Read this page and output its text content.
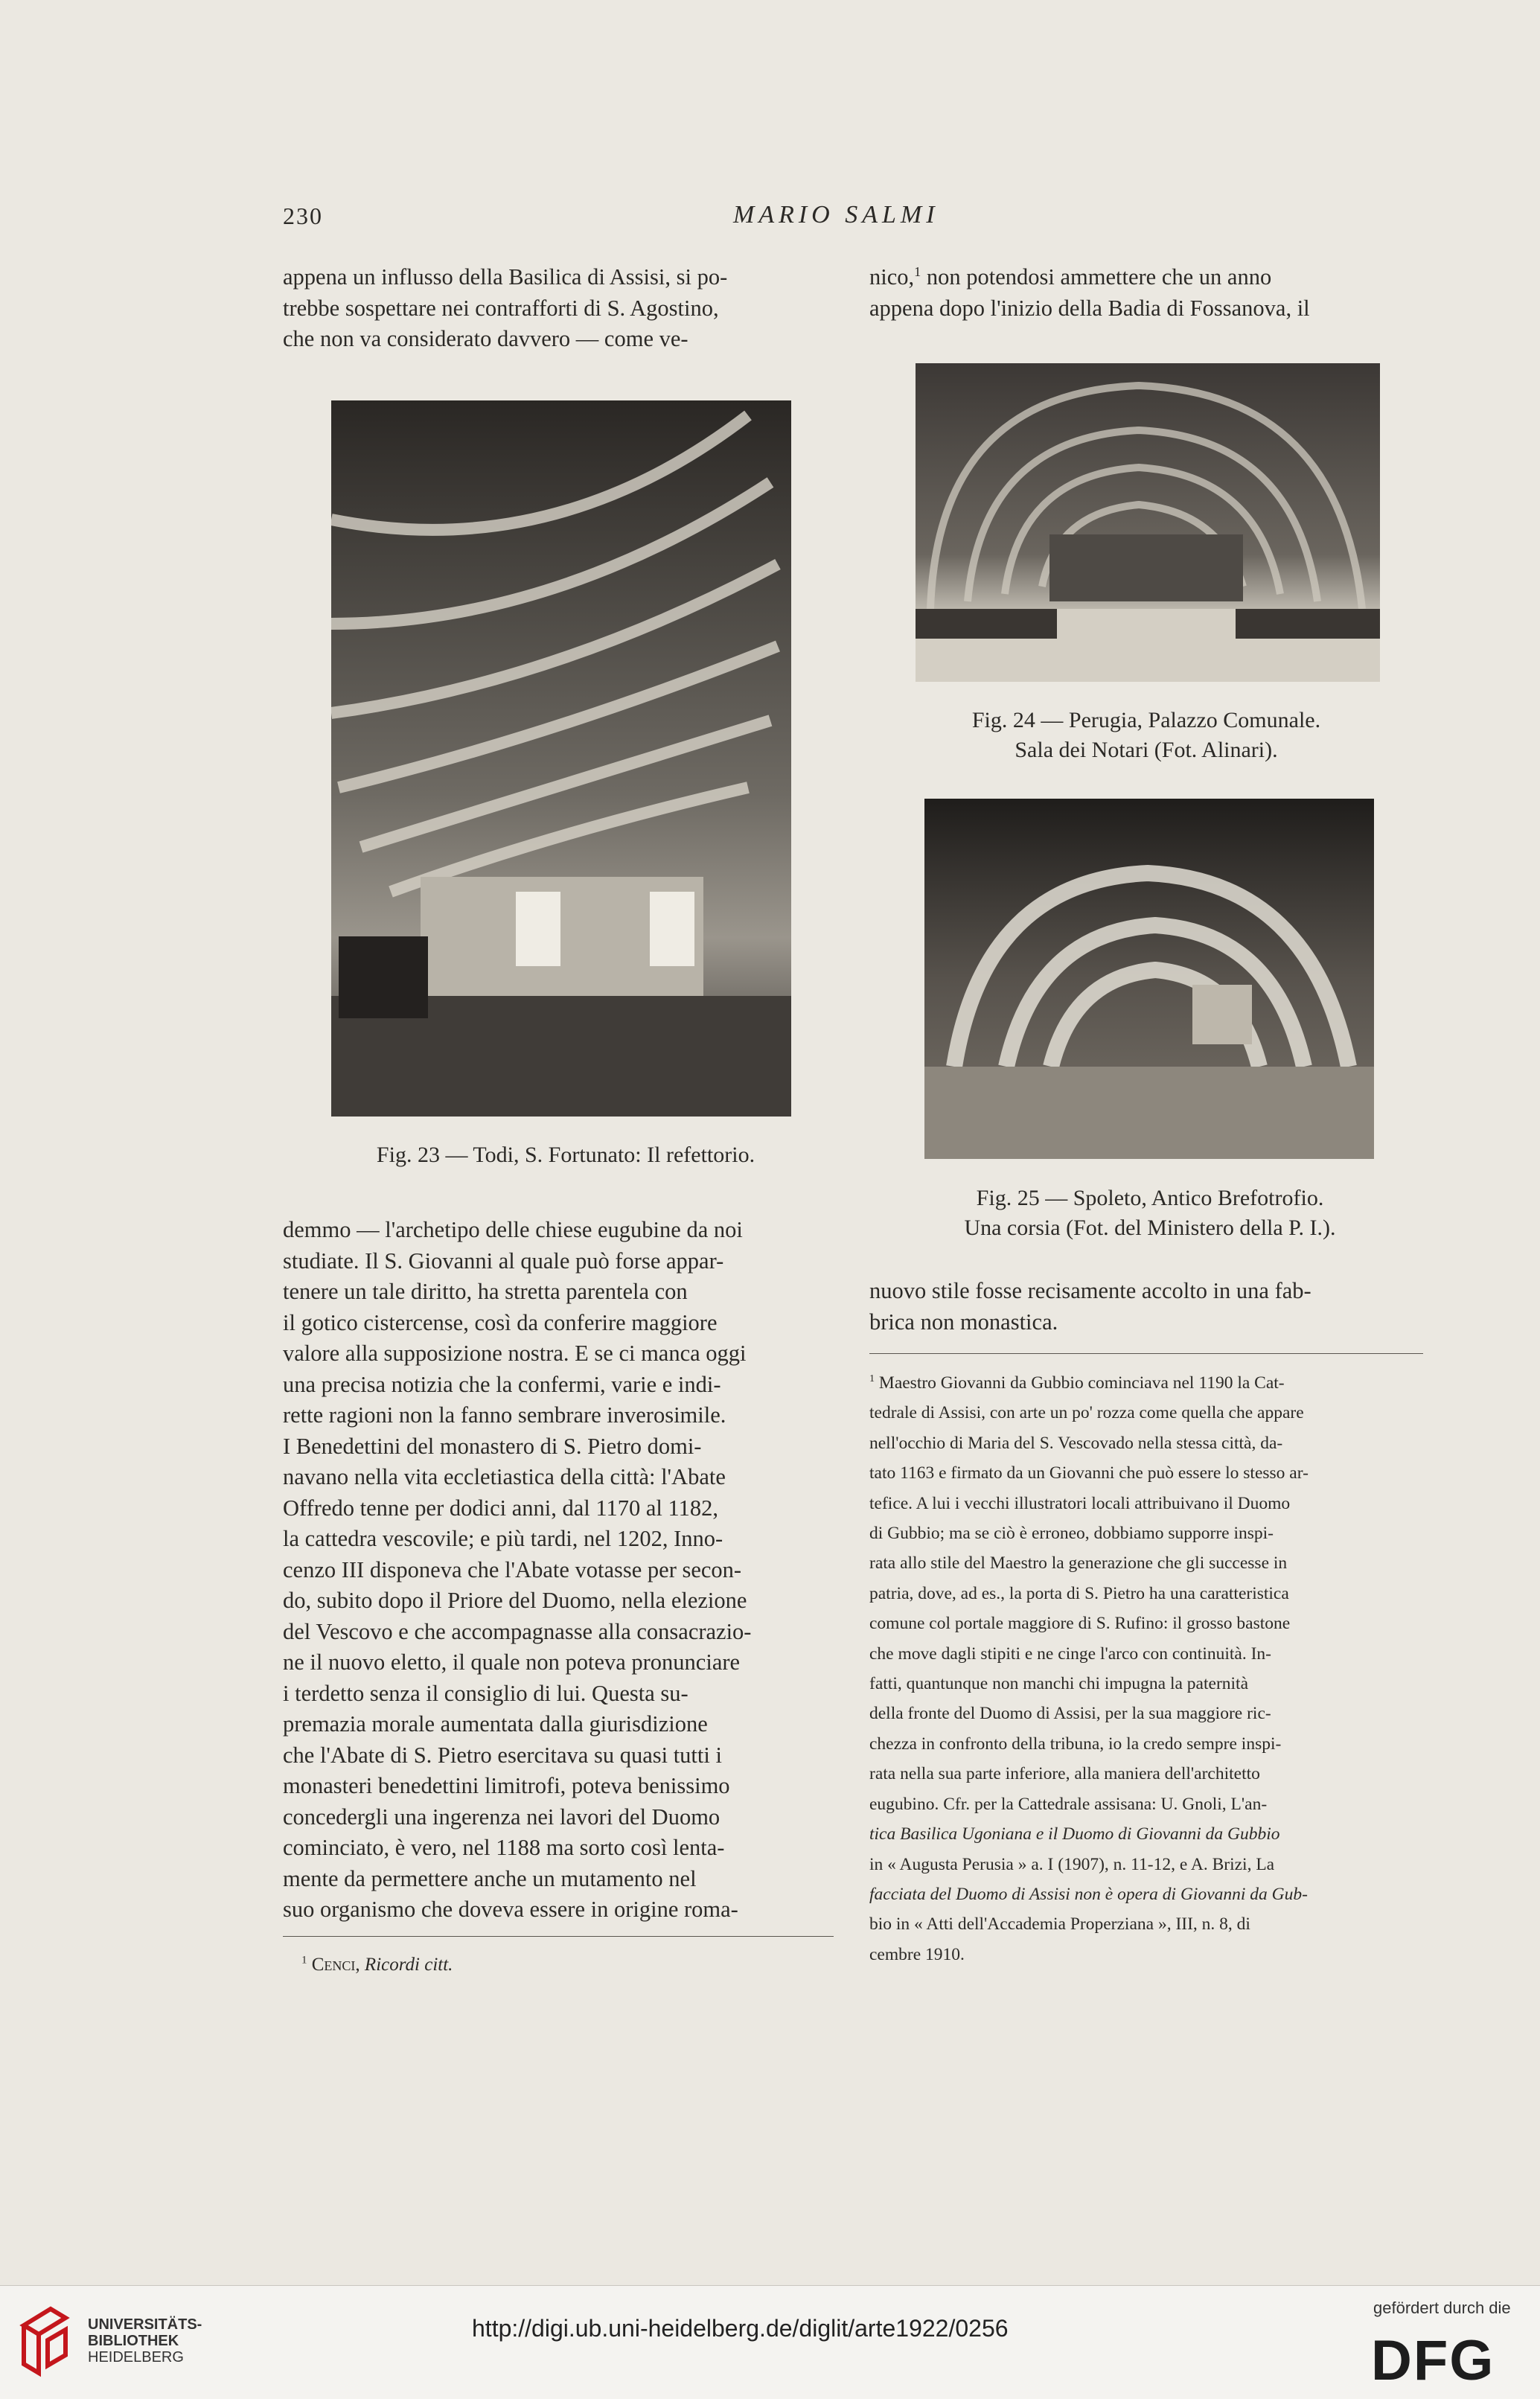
230	MARIO SALMI

appena un influsso della Basilica di Assisi, si po-

trebbe sospettare nei contrafforti di S. Agostino,

che non va considerato davvero — come ve-

nico,$^1$ non potendosi ammettere che un anno

appena dopo l'inizio della Badia di Fossanova, il

Fig. 23 — Todi, S. Fortunato: Il refettorio.
Fig. 24 — Perugia, Palazzo Comunale.
Sala dei Notari (Fot. Alinari).
Fig. 25 — Spoleto, Antico Brefotrofio.
Una corsia (Fot. del Ministero della P. I.).

demmo — l'archetipo delle chiese eugubine da noi

studiate. Il S. Giovanni al quale può forse appar-

tenere un tale diritto, ha stretta parentela con

il gotico cistercense, così da conferire maggiore

valore alla supposizione nostra. E se ci manca oggi

una precisa notizia che la confermi, varie e indi-

rette ragioni non la fanno sembrare inverosimile.

I Benedettini del monastero di S. Pietro domi-

navano nella vita eccletiastica della città: l'Abate

Offredo tenne per dodici anni, dal 1170 al 1182,

la cattedra vescovile; e più tardi, nel 1202, Inno-

cenzo III disponeva che l'Abate votasse per secon-

do, subito dopo il Priore del Duomo, nella elezione

del Vescovo e che accompagnasse alla consacrazio-

ne il nuovo eletto, il quale non poteva pronunciare

i terdetto senza il consiglio di lui. Questa su-

premazia morale aumentata dalla giurisdizione

che l'Abate di S. Pietro esercitava su quasi tutti i

monasteri benedettini limitrofi, poteva benissimo

concedergli una ingerenza nei lavori del Duomo

cominciato, è vero, nel 1188 ma sorto così lenta-

mente da permettere anche un mutamento nel

suo organismo che doveva essere in origine roma-

nuovo stile fosse recisamente accolto in una fab-

brica non monastica.

$^1$ Cenci, Ricordi citt.

$^1$ Maestro Giovanni da Gubbio cominciava nel 1190 la Cat-

tedrale di Assisi, con arte un po' rozza come quella che appare

nell'occhio di Maria del S. Vescovado nella stessa città, da-

tato 1163 e firmato da un Giovanni che può essere lo stesso ar-

tefice. A lui i vecchi illustratori locali attribuivano il Duomo

di Gubbio; ma se ciò è erroneo, dobbiamo supporre inspi-

rata allo stile del Maestro la generazione che gli successe in

patria, dove, ad es., la porta di S. Pietro ha una caratteristica

comune col portale maggiore di S. Rufino: il grosso bastone

che move dagli stipiti e ne cinge l'arco con continuità. In-

fatti, quantunque non manchi chi impugna la paternità

della fronte del Duomo di Assisi, per la sua maggiore ric-

chezza in confronto della tribuna, io la credo sempre inspi-

rata nella sua parte inferiore, alla maniera dell'architetto

eugubino. Cfr. per la Cattedrale assisana: U. Gnoli, L'an-

tica Basilica Ugoniana e il Duomo di Giovanni da Gubbio

in « Augusta Perusia » a. I (1907), n. 11-12, e A. Brizi, La

facciata del Duomo di Assisi non è opera di Giovanni da Gub-

bio in « Atti dell'Accademia Properziana », III, n. 8, di

cembre 1910.

UNIVERSITÄTS-
BIBLIOTHEK
HEIDELBERG
http://digi.ub.uni-heidelberg.de/diglit/arte1922/0256
gefördert durch die
DFG
